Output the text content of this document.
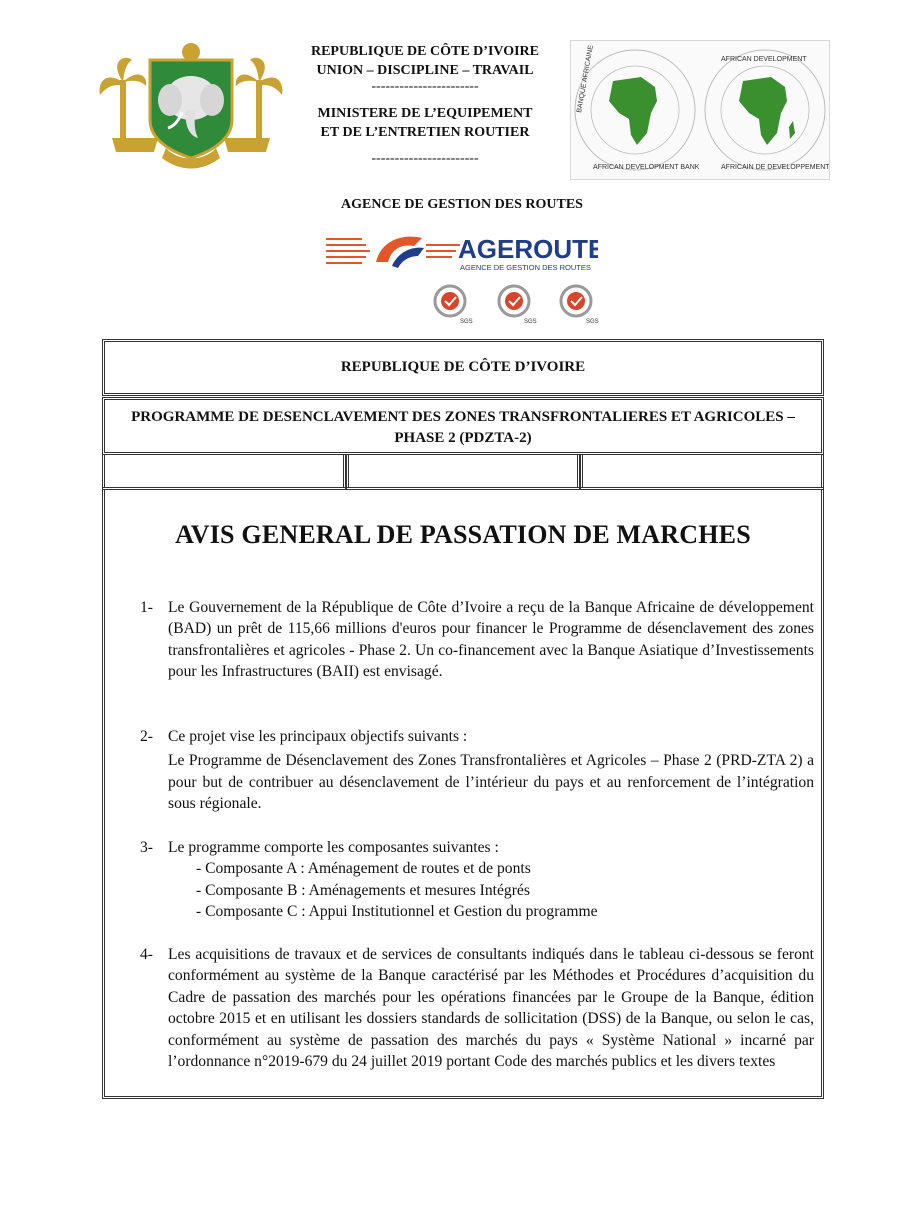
REPUBLIQUE DE CÔTE D’IVOIRE
UNION – DISCIPLINE – TRAVAIL
-----------------------
MINISTERE DE L’EQUIPEMENT
ET DE L’ENTRETIEN ROUTIER
-----------------------
BANQUE AFRICAINE
AFRICAN DEVELOPMENT BANK
AFRICAN DEVELOPMENT
AFRICAIN DE DEVELOPPEMENT
AGENCE DE GESTION DES ROUTES
AGEROUTE
AGENCE DE GESTION DES ROUTES
SGS	SGS	SGS
REPUBLIQUE DE CÔTE D’IVOIRE
PROGRAMME DE DESENCLAVEMENT DES ZONES TRANSFRONTALIERES ET AGRICOLES – PHASE 2 (PDZTA-2)
AVIS GENERAL DE PASSATION DE MARCHES
1- Le Gouvernement de la République de Côte d’Ivoire a reçu de la Banque Africaine de développement (BAD) un prêt de 115,66 millions d'euros pour financer le Programme de désenclavement des zones transfrontalières et agricoles - Phase 2. Un co-financement avec la Banque Asiatique d’Investissements pour les Infrastructures (BAII) est envisagé.
2- Ce projet vise les principaux objectifs suivants :
Le Programme de Désenclavement des Zones Transfrontalières et Agricoles – Phase 2 (PRD-ZTA 2) a pour but de contribuer au désenclavement de l’intérieur du pays et au renforcement de l’intégration sous régionale.
3- Le programme comporte les composantes suivantes :
- Composante A : Aménagement de routes et de ponts
- Composante B : Aménagements et mesures Intégrés
- Composante C : Appui Institutionnel et Gestion du programme
4- Les acquisitions de travaux et de services de consultants indiqués dans le tableau ci-dessous se feront conformément au système de la Banque caractérisé par les Méthodes et Procédures d’acquisition du Cadre de passation des marchés pour les opérations financées par le Groupe de la Banque, édition octobre 2015 et en utilisant les dossiers standards de sollicitation (DSS) de la Banque, ou selon le cas, conformément au système de passation des marchés du pays « Système National » incarné par l’ordonnance n°2019-679 du 24 juillet 2019 portant Code des marchés publics et les divers textes
